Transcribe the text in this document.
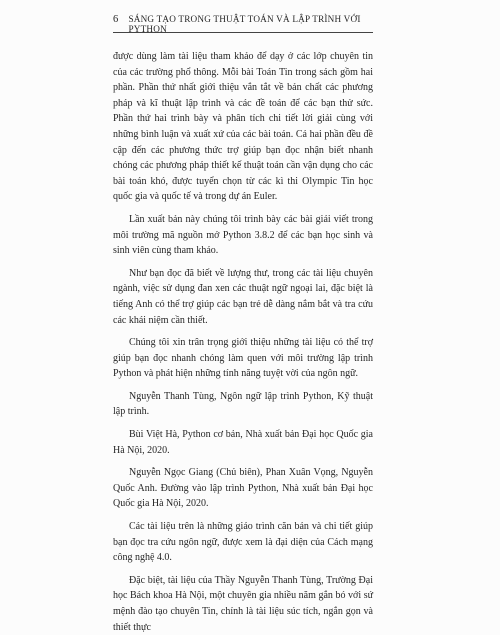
6 SÁNG TẠO TRONG THUẬT TOÁN VÀ LẬP TRÌNH VỚI PYTHON

được dùng làm tài liệu tham khảo để dạy ở các lớp chuyên tin của các trường phổ thông. Mỗi bài Toán Tin trong sách gồm hai phần. Phần thứ nhất giới thiệu vắn tắt về bản chất các phương pháp và kĩ thuật lập trình và các đề toán để các bạn thử sức. Phần thứ hai trình bày và phân tích chi tiết lời giải cùng với những bình luận và xuất xứ của các bài toán. Cả hai phần đều đề cập đến các phương thức trợ giúp bạn đọc nhận biết nhanh chóng các phương pháp thiết kế thuật toán cần vận dụng cho các bài toán khó, được tuyển chọn từ các kì thi Olympic Tin học quốc gia và quốc tế và trong dự án Euler.

Lần xuất bản này chúng tôi trình bày các bài giải viết trong môi trường mã nguồn mở Python 3.8.2 để các bạn học sinh và sinh viên cùng tham khảo.

Như bạn đọc đã biết về lượng thư, trong các tài liệu chuyên ngành, việc sử dụng đan xen các thuật ngữ ngoại lai, đặc biệt là tiếng Anh có thể trợ giúp các bạn trẻ dễ dàng nắm bắt và tra cứu các khái niệm cần thiết.

Chúng tôi xin trân trọng giới thiệu những tài liệu có thể trợ giúp bạn đọc nhanh chóng làm quen với môi trường lập trình Python và phát hiện những tính năng tuyệt vời của ngôn ngữ.

Nguyễn Thanh Tùng, Ngôn ngữ lập trình Python, Kỹ thuật lập trình.

Bùi Việt Hà, Python cơ bản, Nhà xuất bản Đại học Quốc gia Hà Nội, 2020.

Nguyễn Ngọc Giang (Chủ biên), Phan Xuân Vọng, Nguyễn Quốc Anh. Đường vào lập trình Python, Nhà xuất bản Đại học Quốc gia Hà Nội, 2020.

Các tài liệu trên là những giáo trình căn bản và chi tiết giúp bạn đọc tra cứu ngôn ngữ, được xem là đại diện của Cách mạng công nghệ 4.0.

Đặc biệt, tài liệu của Thầy Nguyễn Thanh Tùng, Trường Đại học Bách khoa Hà Nội, một chuyên gia nhiều năm gắn bó với sứ mệnh đào tạo chuyên Tin, chính là tài liệu súc tích, ngắn gọn và thiết thực
